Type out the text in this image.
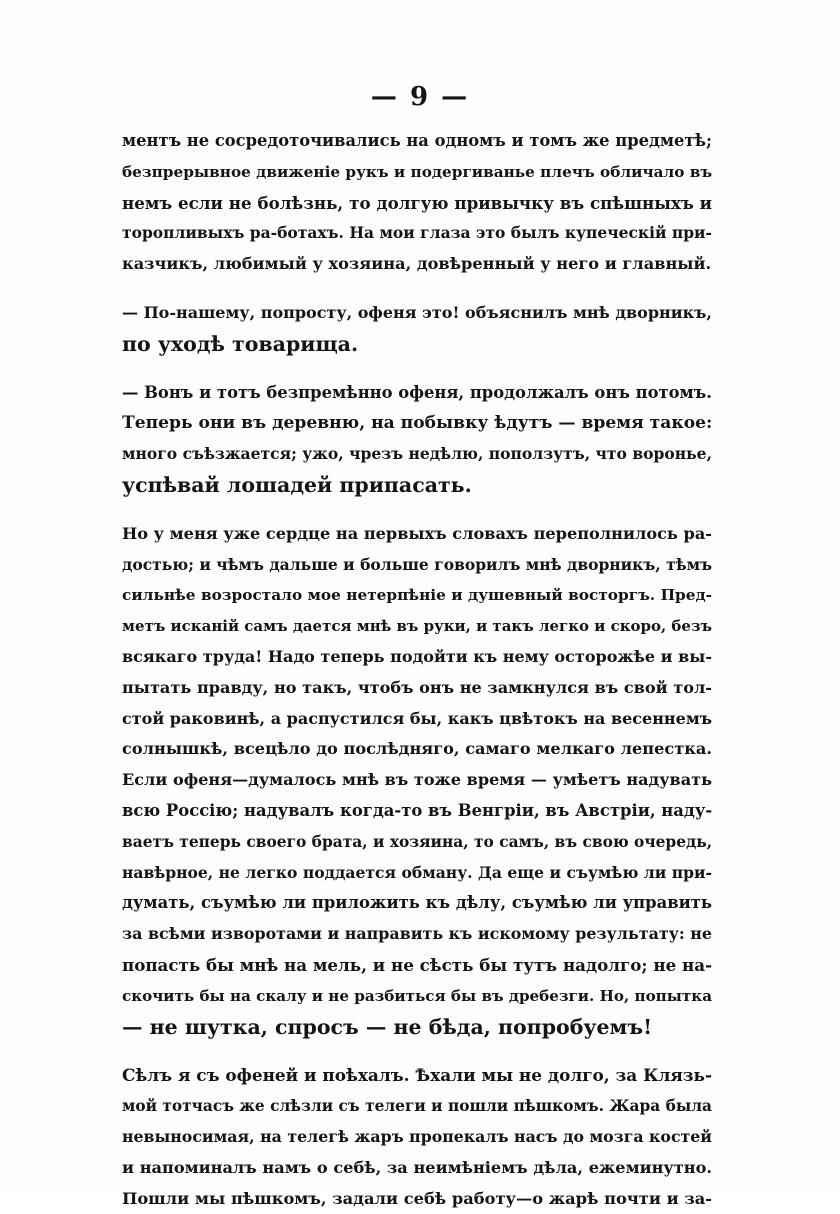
— 9 —

ментъ не сосредоточивались на одномъ и томъ же предметѣ;
безпрерывное движеніе рукъ и подергиванье плечъ обличало въ
немъ если не болѣзнь, то долгую привычку въ спѣшныхъ и
торопливыхъ ра-ботахъ. На мои глаза это былъ купеческій при-
казчикъ, любимый у хозяина, довѣренный у него и главный.

— По-нашему, попросту, офеня это! объяснилъ мнѣ дворникъ,
по уходѣ товарища.

— Вонъ и тотъ безпремѣнно офеня, продолжалъ онъ потомъ.
Теперь они въ деревню, на побывку ѣдутъ — время такое:
много съѣзжается; ужо, чрезъ недѣлю, поползутъ, что воронье,
успѣвай лошадей припасать.

Но у меня уже сердце на первыхъ словахъ переполнилось ра-
достью; и чѣмъ дальше и больше говорилъ мнѣ дворникъ, тѣмъ
сильнѣе возростало мое нетерпѣніе и душевный восторгъ. Пред-
метъ исканій самъ дается мнѣ въ руки, и такъ легко и скоро, безъ
всякаго труда! Надо теперь подойти къ нему осторожѣе и вы-
пытать правду, но такъ, чтобъ онъ не замкнулся въ свой тол-
стой раковинѣ, а распустился бы, какъ цвѣтокъ на весеннемъ
солнышкѣ, всецѣло до послѣдняго, самаго мелкаго лепестка.
Если офеня—думалось мнѣ въ тоже время — умѣетъ надувать
всю Россію; надувалъ когда-то въ Венгріи, въ Австріи, наду-
ваетъ теперь своего брата, и хозяина, то самъ, въ свою очередь,
навѣрное, не легко поддается обману. Да еще и съумѣю ли при-
думать, съумѣю ли приложить къ дѣлу, съумѣю ли управить
за всѣми изворотами и направить къ искомому результату: не
попасть бы мнѣ на мель, и не сѣсть бы тутъ надолго; не на-
скочить бы на скалу и не разбиться бы въ дребезги. Но, попытка
— не шутка, спросъ — не бѣда, попробуемъ!

Сѣлъ я съ офеней и поѣхалъ. Ѣхали мы не долго, за Клязь-
мой тотчасъ же слѣзли съ телеги и пошли пѣшкомъ. Жара была
невыносимая, на телегѣ жаръ пропекалъ насъ до мозга костей
и напоминалъ намъ о себѣ, за неимѣніемъ дѣла, ежеминутно.
Пошли мы пѣшкомъ, задали себѣ работу—о жарѣ почти и за-
